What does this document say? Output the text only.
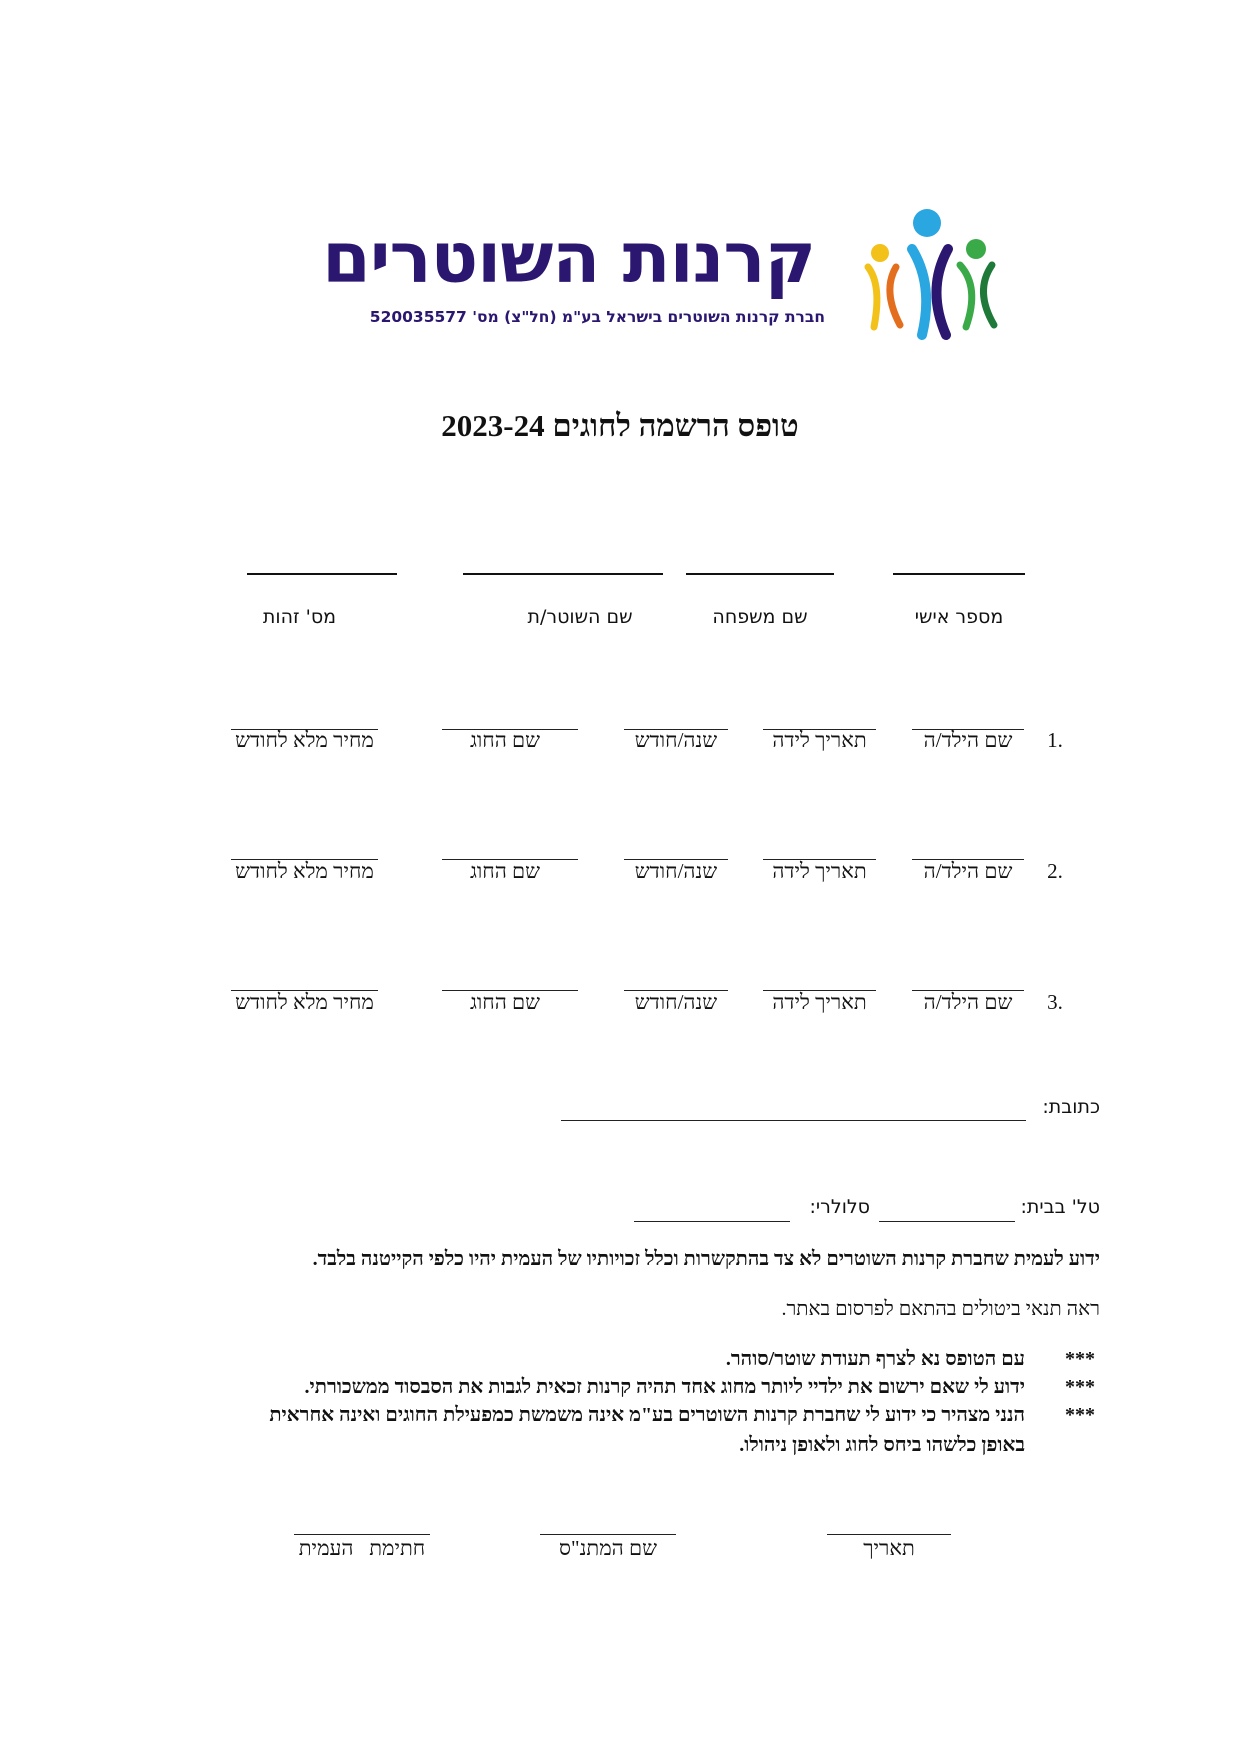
קרנות השוטרים
חברת קרנות השוטרים בישראל בע"מ (חל"צ) מס' 520035577
טופס הרשמה לחוגים 2023-24
מספר אישי
שם משפחה
שם השוטר/ת
מס' זהות
.1
שם הילד/ה
תאריך לידה
שנה/חודש
שם החוג
מחיר מלא לחודש
.2
שם הילד/ה
תאריך לידה
שנה/חודש
שם החוג
מחיר מלא לחודש
.3
שם הילד/ה
תאריך לידה
שנה/חודש
שם החוג
מחיר מלא לחודש
כתובת:
טל' בבית:
סלולרי:
ידוע לעמית שחברת קרנות השוטרים לא צד בהתקשרות וכלל זכויותיו של העמית יהיו כלפי הקייטנה בלבד.
ראה תנאי ביטולים בהתאם לפרסום באתר.
***
עם הטופס נא לצרף תעודת שוטר/סוהר.
***
ידוע לי שאם ירשום את ילדיי ליותר מחוג אחד תהיה קרנות זכאית לגבות את הסבסוד ממשכורתי.
***
הנני מצהיר כי ידוע לי שחברת קרנות השוטרים בע"מ אינה משמשת כמפעילת החוגים ואינה אחראית
באופן כלשהו ביחס לחוג ולאופן ניהולו.
תאריך
שם המתנ"ס
חתימת   העמית
